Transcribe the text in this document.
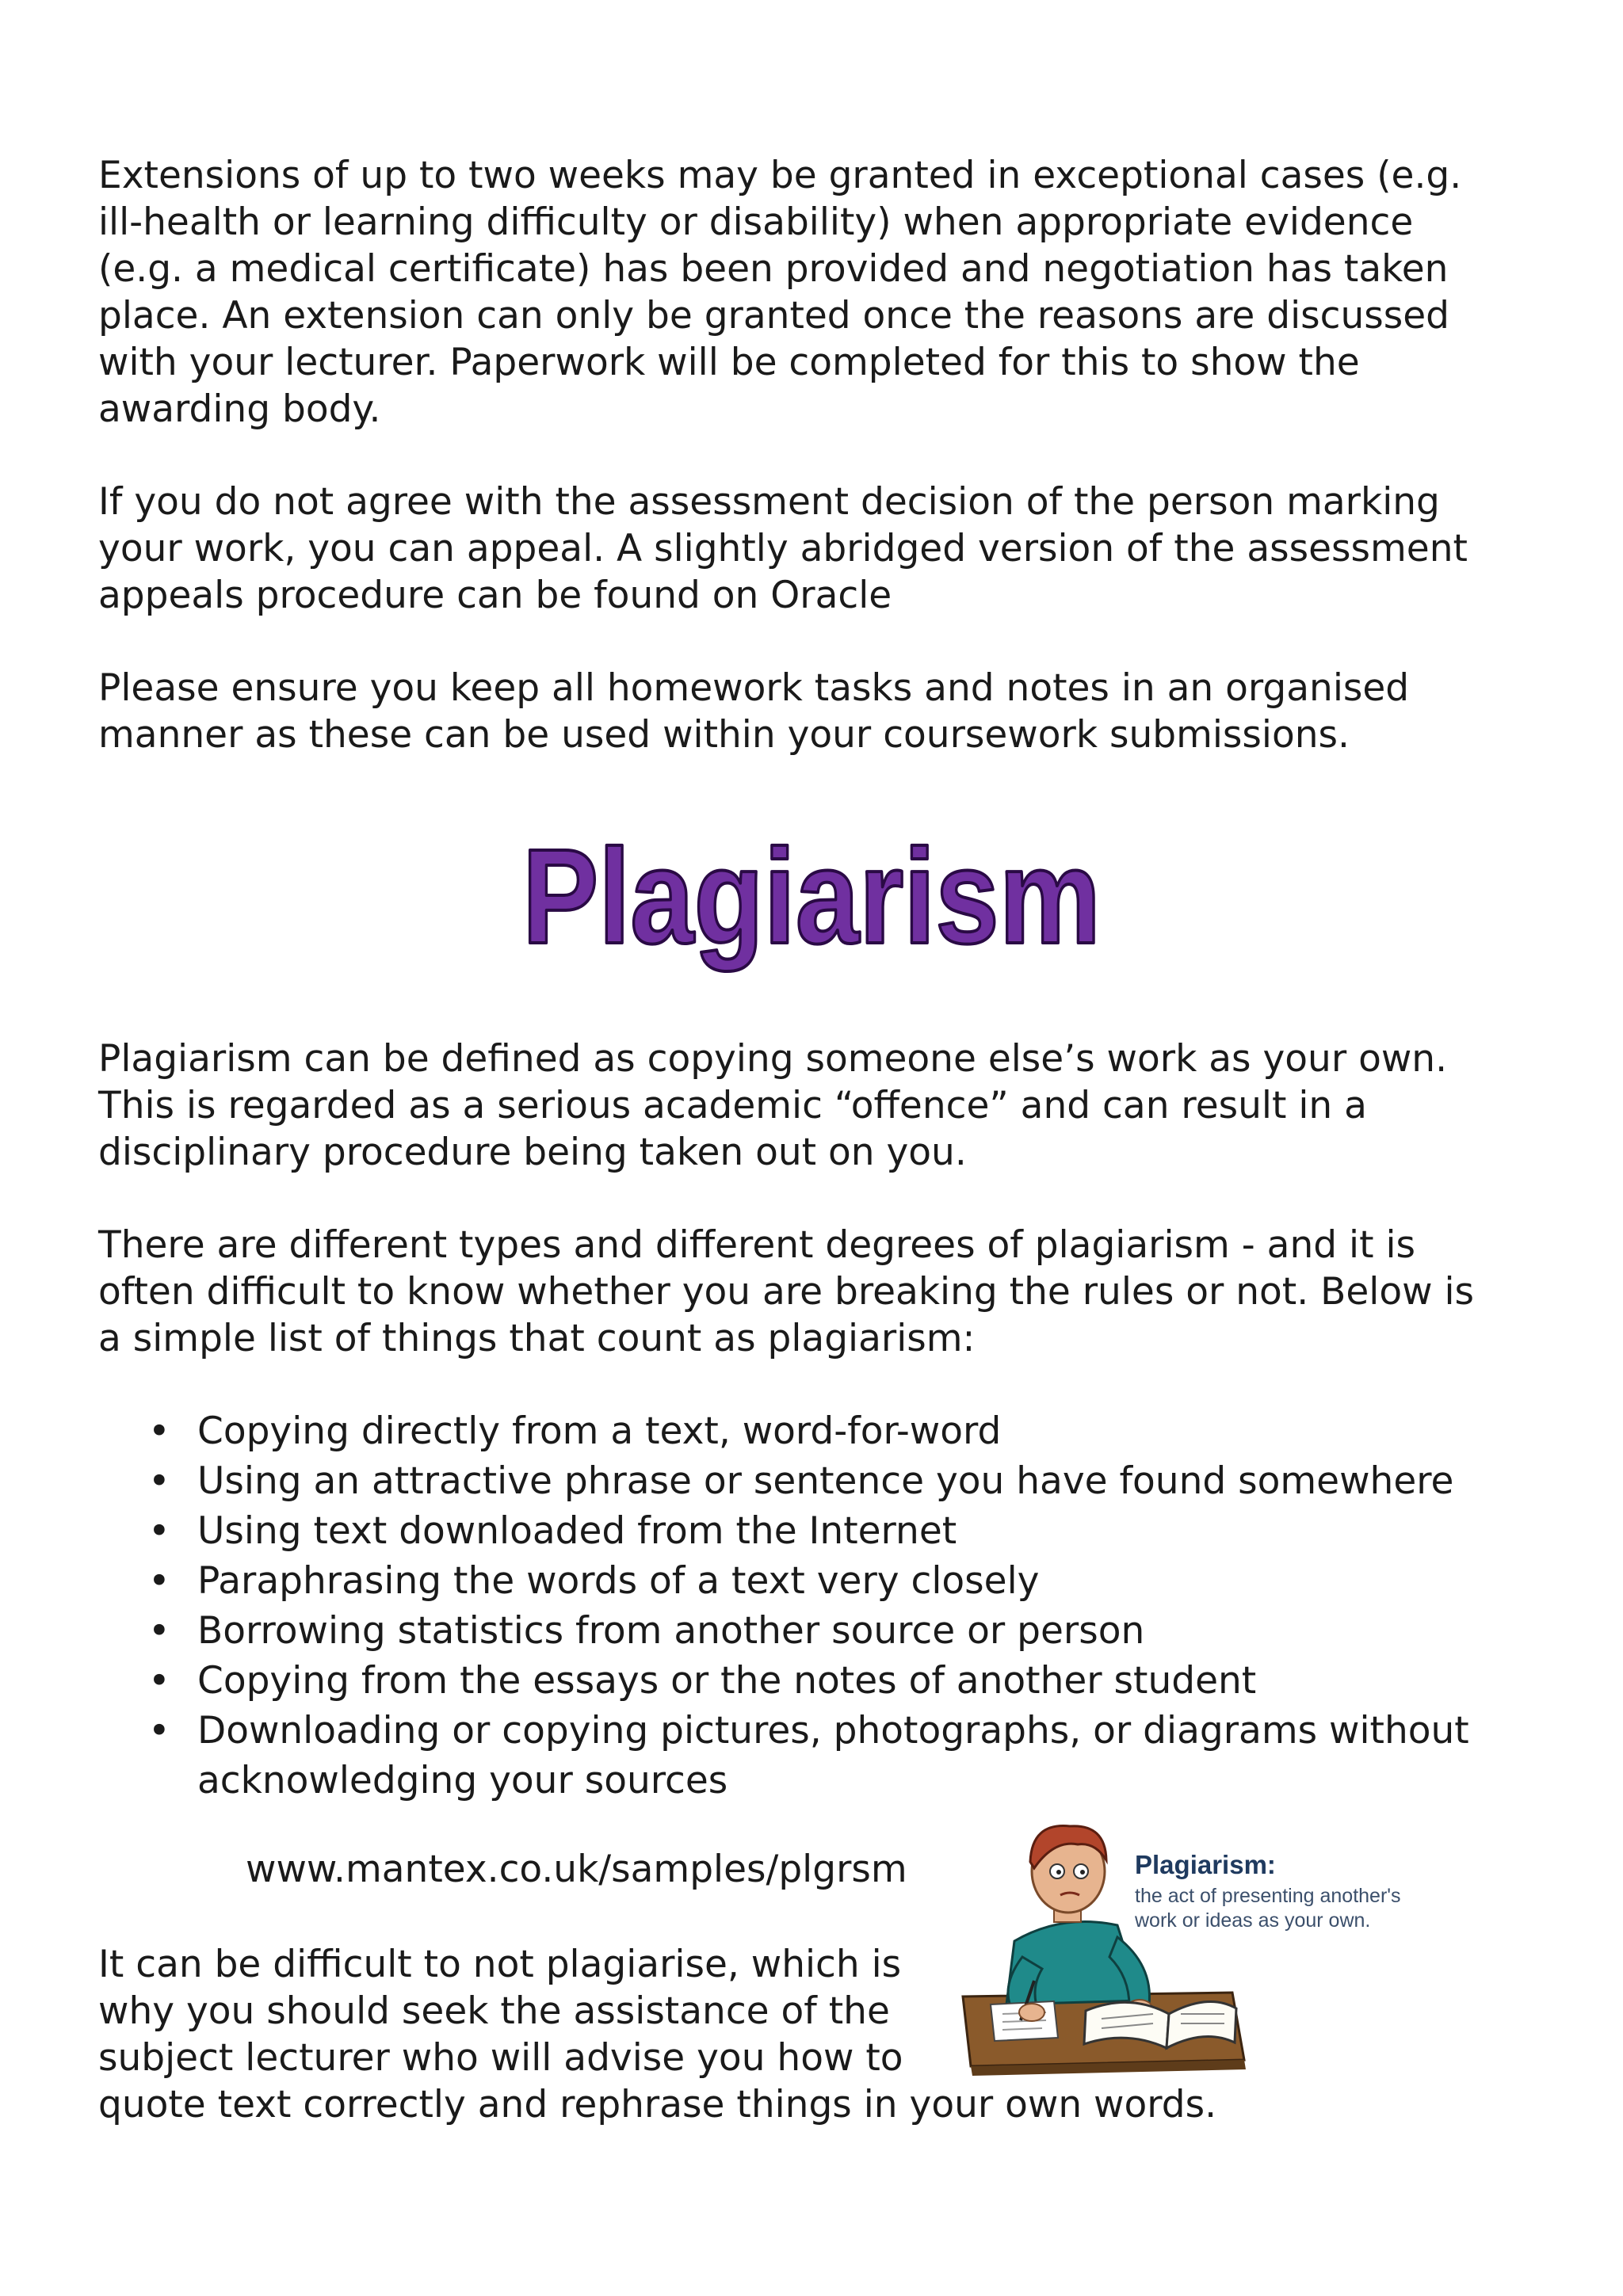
Extensions of up to two weeks may be granted in exceptional cases (e.g.
ill-health or learning difficulty or disability) when appropriate evidence
(e.g. a medical certificate) has been provided and negotiation has taken
place. An extension can only be granted once the reasons are discussed
with your lecturer. Paperwork will be completed for this to show the
awarding body.

If you do not agree with the assessment decision of the person marking
your work, you can appeal. A slightly abridged version of the assessment
appeals procedure can be found on Oracle

Please ensure you keep all homework tasks and notes in an organised
manner as these can be used within your coursework submissions.

Plagiarism

Plagiarism can be defined as copying someone else’s work as your own.
This is regarded as a serious academic “offence” and can result in a
disciplinary procedure being taken out on you.

There are different types and different degrees of plagiarism - and it is
often difficult to know whether you are breaking the rules or not. Below is
a simple list of things that count as plagiarism:

• Copying directly from a text, word-for-word
• Using an attractive phrase or sentence you have found somewhere
• Using text downloaded from the Internet
• Paraphrasing the words of a text very closely
• Borrowing statistics from another source or person
• Copying from the essays or the notes of another student
• Downloading or copying pictures, photographs, or diagrams without
acknowledging your sources
www.mantex.co.uk/samples/plgrsm

It can be difficult to not plagiarise, which is
why you should seek the assistance of the
subject lecturer who will advise you how to
quote text correctly and rephrase things in your own words.

Plagiarism:
the act of presenting another's
work or ideas as your own.
